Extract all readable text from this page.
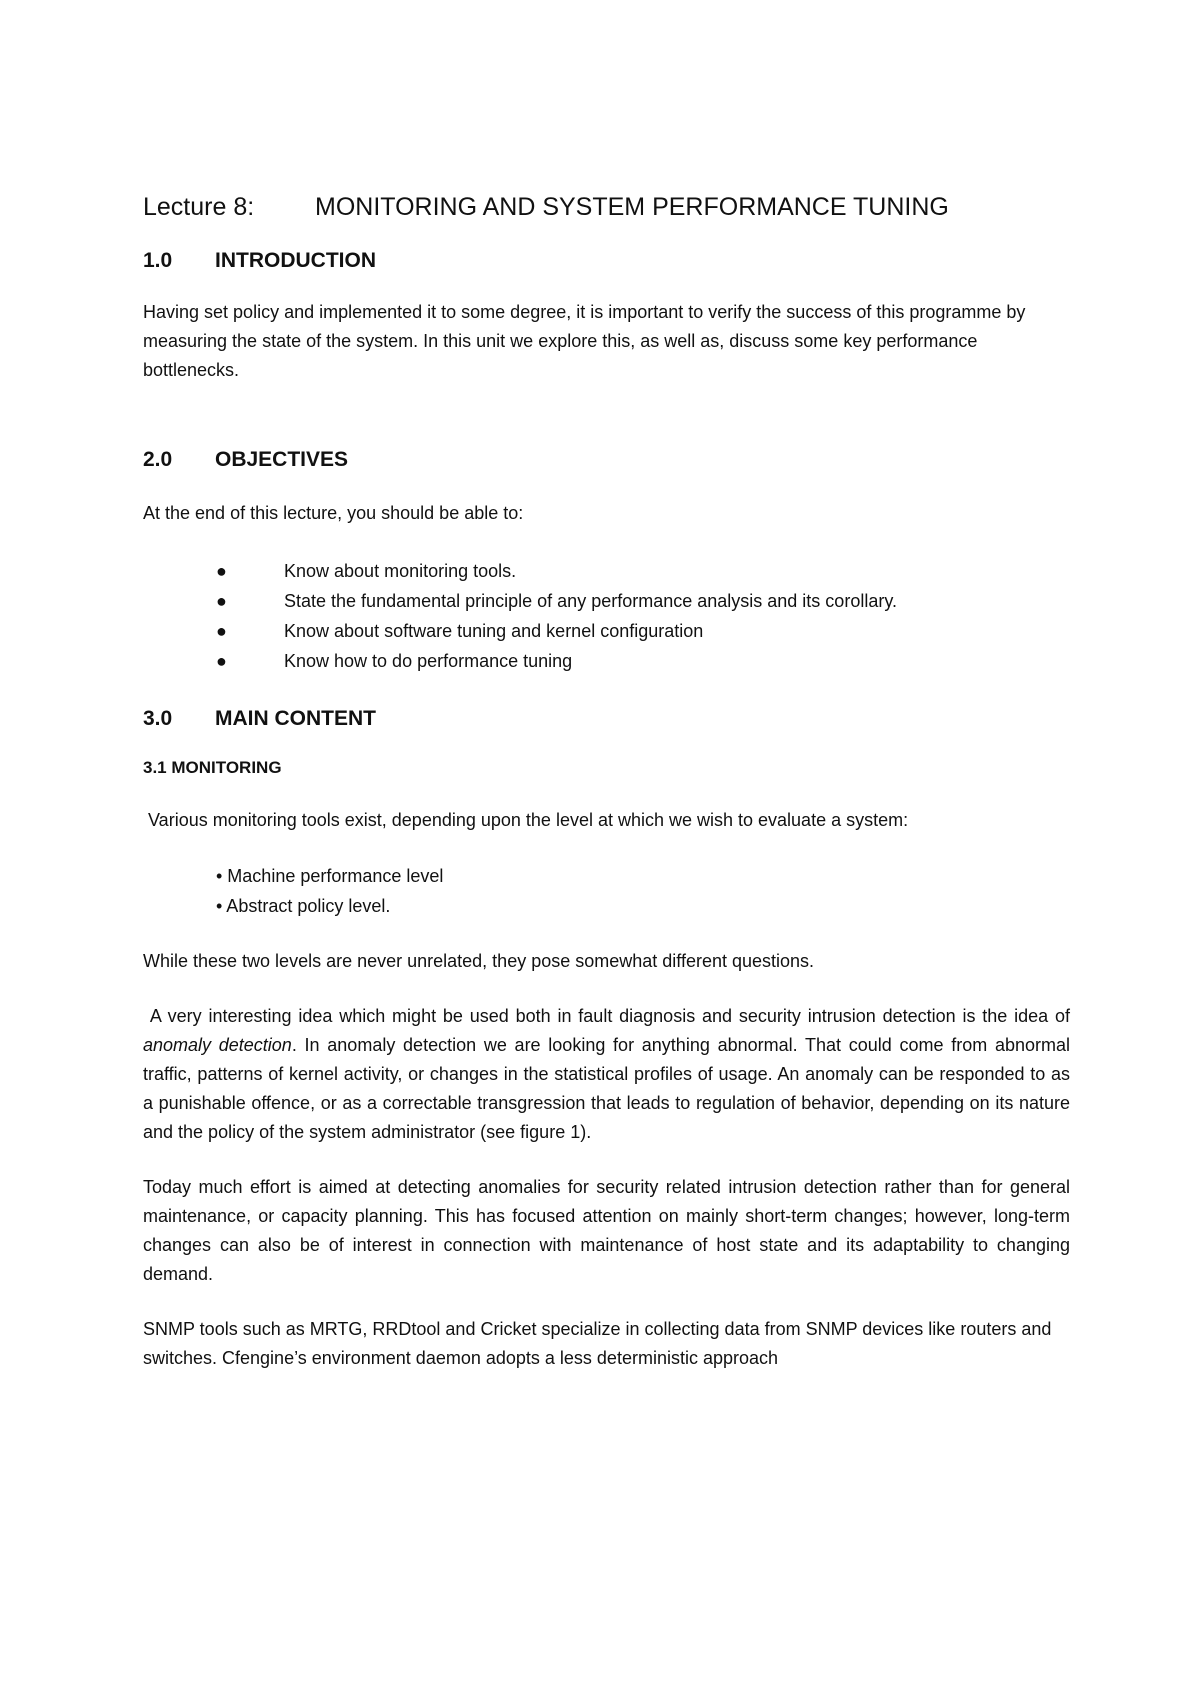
Lecture 8:	MONITORING AND SYSTEM PERFORMANCE TUNING
1.0	INTRODUCTION

Having set policy and implemented it to some degree, it is important to verify the success of this programme by measuring the state of the system. In this unit we explore this, as well as, discuss some key performance bottlenecks.

2.0	OBJECTIVES

At the end of this lecture, you should be able to:

●	Know about monitoring tools.
●	State the fundamental principle of any performance analysis and its corollary.
●	Know about software tuning and kernel configuration
●	Know how to do performance tuning
3.0	MAIN CONTENT
3.1 MONITORING

Various monitoring tools exist, depending upon the level at which we wish to evaluate a system:

• Machine performance level
• Abstract policy level.

While these two levels are never unrelated, they pose somewhat different questions.

A very interesting idea which might be used both in fault diagnosis and security intrusion detection is the idea of anomaly detection. In anomaly detection we are looking for anything abnormal. That could come from abnormal traffic, patterns of kernel activity, or changes in the statistical profiles of usage. An anomaly can be responded to as a punishable offence, or as a correctable transgression that leads to regulation of behavior, depending on its nature and the policy of the system administrator (see figure 1).

Today much effort is aimed at detecting anomalies for security related intrusion detection rather than for general maintenance, or capacity planning. This has focused attention on mainly short-term changes; however, long-term changes can also be of interest in connection with maintenance of host state and its adaptability to changing demand.

SNMP tools such as MRTG, RRDtool and Cricket specialize in collecting data from SNMP devices like routers and switches. Cfengine’s environment daemon adopts a less deterministic approach
